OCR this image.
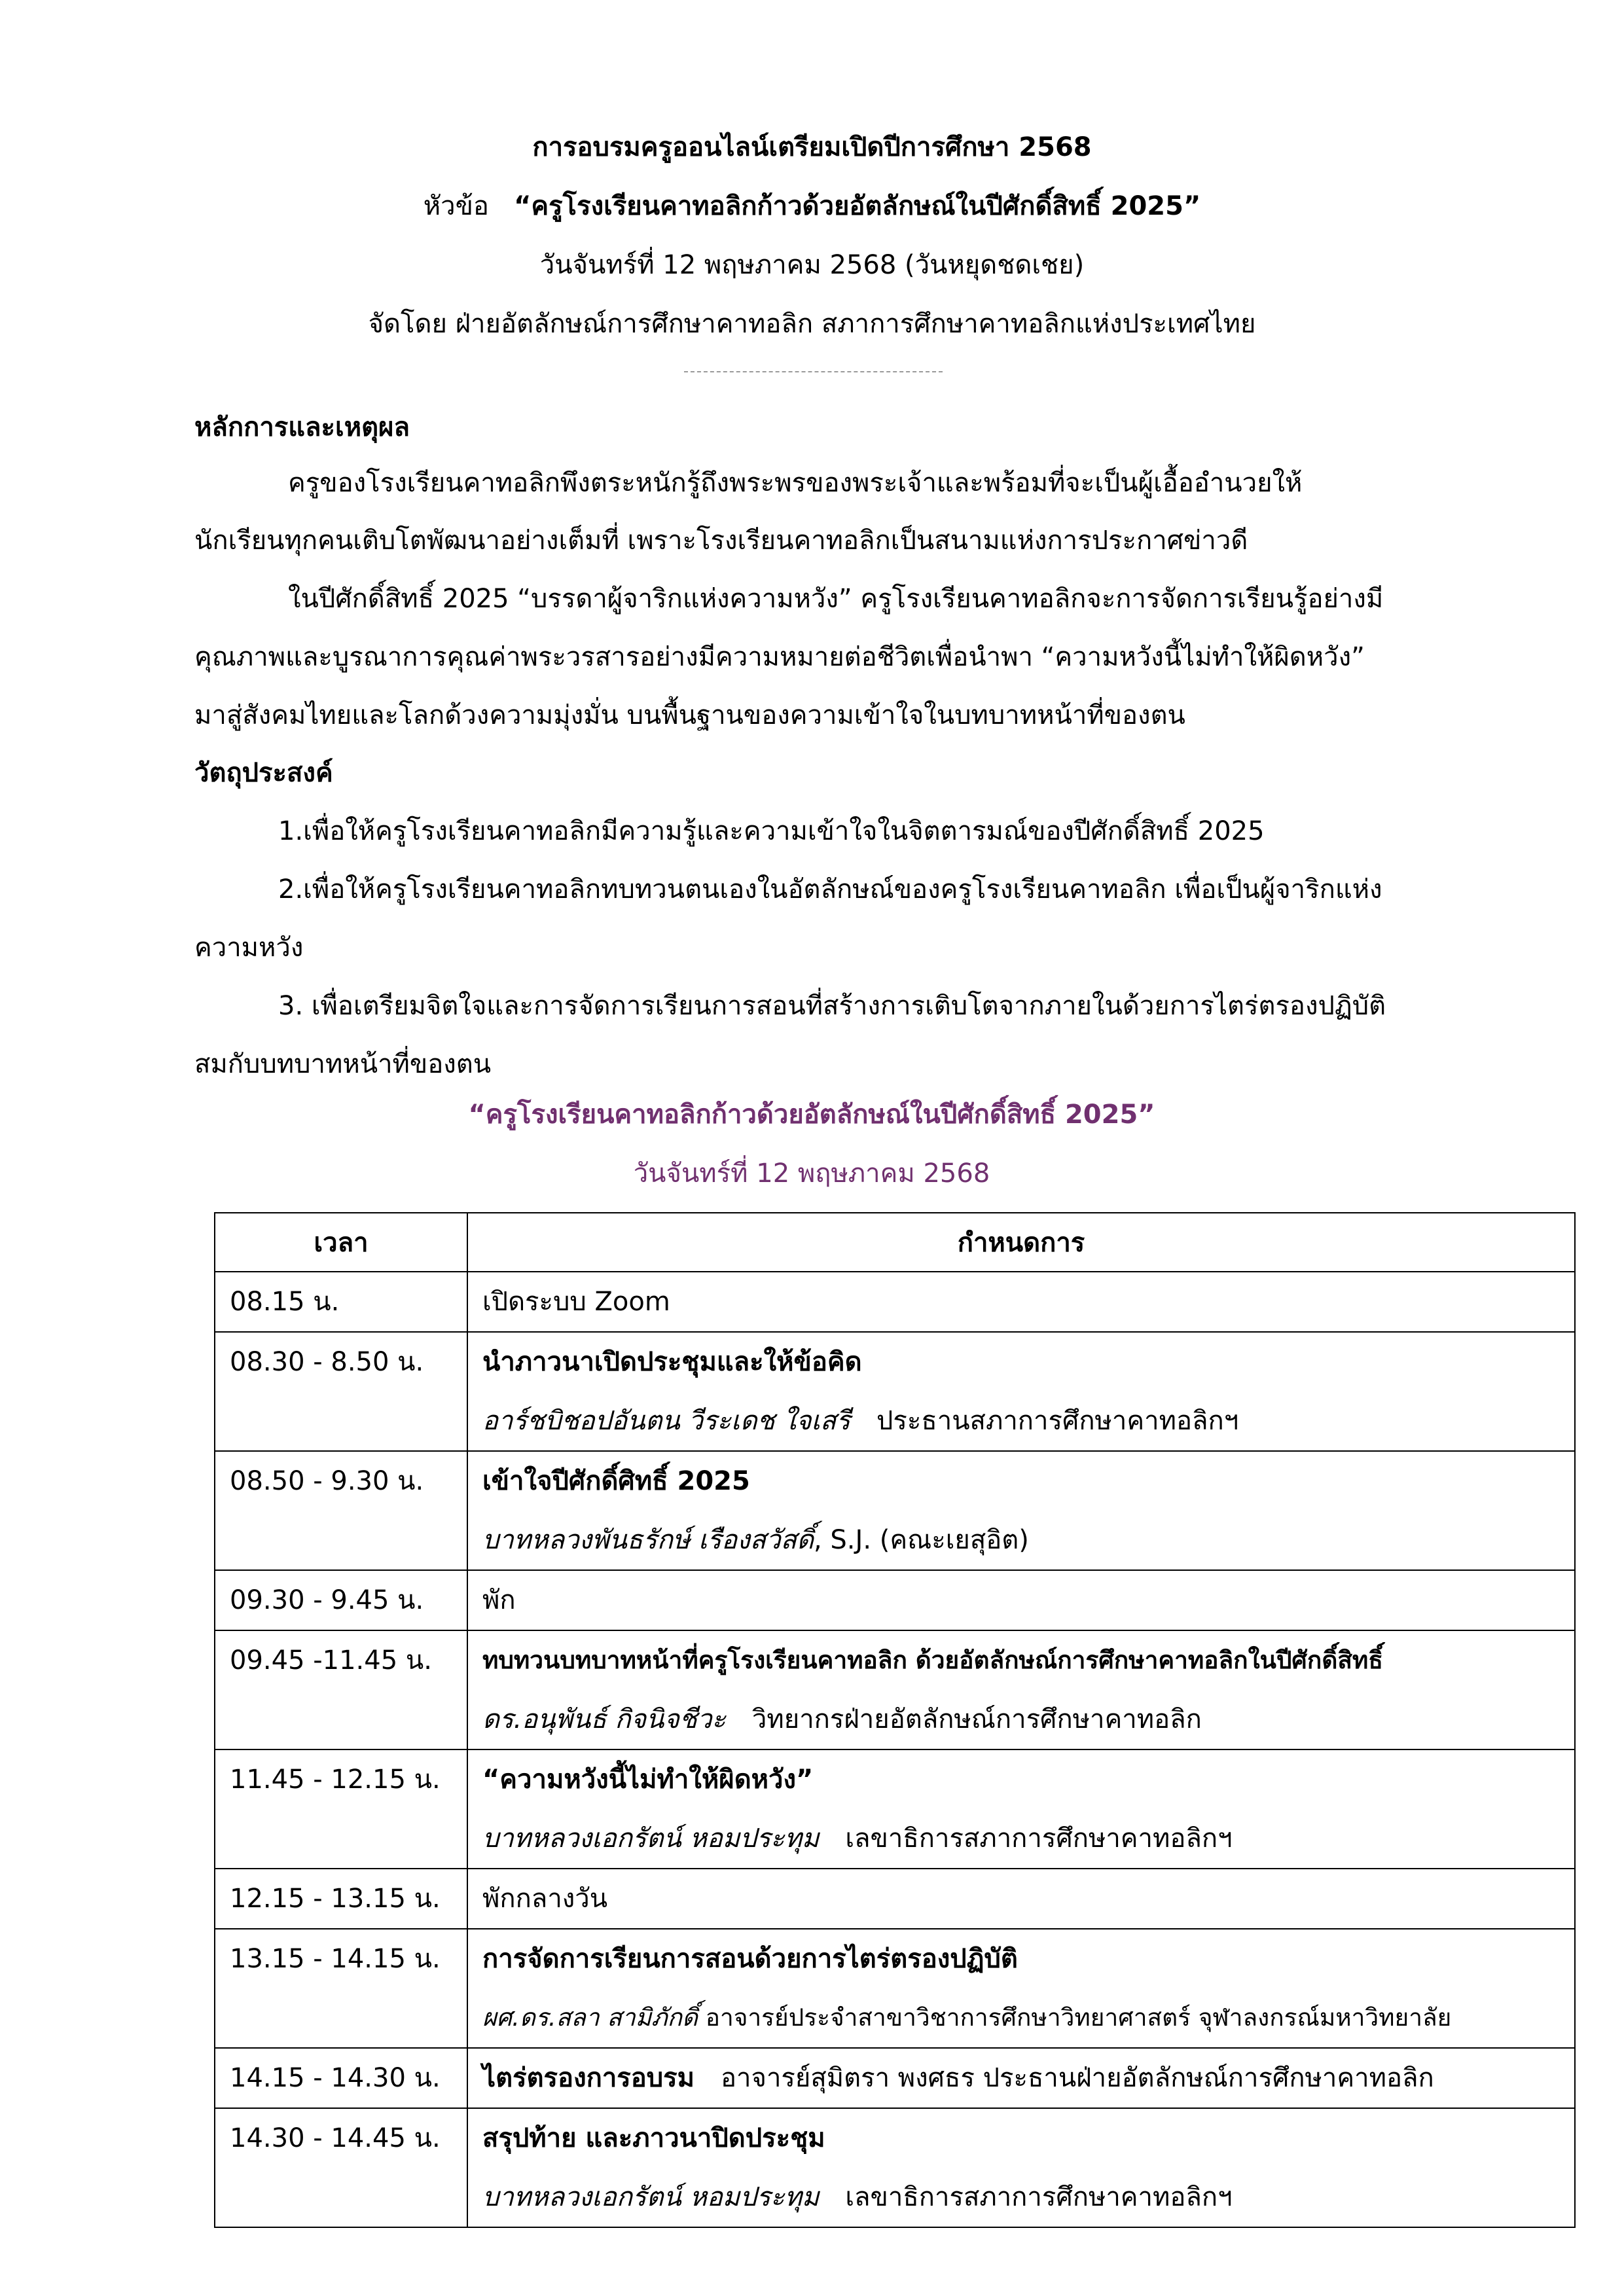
การอบรมครูออนไลน์เตรียมเปิดปีการศึกษา 2568
หัวข้อ “ครูโรงเรียนคาทอลิกก้าวด้วยอัตลักษณ์ในปีศักดิ์สิทธิ์ 2025”
วันจันทร์ที่ 12 พฤษภาคม 2568 (วันหยุดชดเชย)
จัดโดย ฝ่ายอัตลักษณ์การศึกษาคาทอลิก สภาการศึกษาคาทอลิกแห่งประเทศไทย
หลักการและเหตุผล
ครูของโรงเรียนคาทอลิกพึงตระหนักรู้ถึงพระพรของพระเจ้าและพร้อมที่จะเป็นผู้เอื้ออำนวยให้
นักเรียนทุกคนเติบโตพัฒนาอย่างเต็มที่ เพราะโรงเรียนคาทอลิกเป็นสนามแห่งการประกาศข่าวดี
ในปีศักดิ์สิทธิ์ 2025 “บรรดาผู้จาริกแห่งความหวัง” ครูโรงเรียนคาทอลิกจะการจัดการเรียนรู้อย่างมี
คุณภาพและบูรณาการคุณค่าพระวรสารอย่างมีความหมายต่อชีวิตเพื่อนำพา “ความหวังนี้ไม่ทำให้ผิดหวัง”
มาสู่สังคมไทยและโลกด้วงความมุ่งมั่น บนพื้นฐานของความเข้าใจในบทบาทหน้าที่ของตน
วัตถุประสงค์
1.เพื่อให้ครูโรงเรียนคาทอลิกมีความรู้และความเข้าใจในจิตตารมณ์ของปีศักดิ์สิทธิ์ 2025
2.เพื่อให้ครูโรงเรียนคาทอลิกทบทวนตนเองในอัตลักษณ์ของครูโรงเรียนคาทอลิก เพื่อเป็นผู้จาริกแห่ง
ความหวัง
3. เพื่อเตรียมจิตใจและการจัดการเรียนการสอนที่สร้างการเติบโตจากภายในด้วยการไตร่ตรองปฏิบัติ
สมกับบทบาทหน้าที่ของตน
“ครูโรงเรียนคาทอลิกก้าวด้วยอัตลักษณ์ในปีศักดิ์สิทธิ์ 2025”
วันจันทร์ที่ 12 พฤษภาคม 2568
เวลา	กำหนดการ

08.15 น.	เปิดระบบ Zoom

08.30 - 8.50 น.	นำภาวนาเปิดประชุมและให้ข้อคิด
อาร์ชบิชอปอันตน วีระเดช ใจเสรี ประธานสภาการศึกษาคาทอลิกฯ

08.50 - 9.30 น.	เข้าใจปีศักดิ์ศิทธิ์ 2025
บาทหลวงพันธรักษ์ เรืองสวัสดิ์, S.J. (คณะเยสุอิต)

09.30 - 9.45 น.	พัก

09.45 -11.45 น.	ทบทวนบทบาทหน้าที่ครูโรงเรียนคาทอลิก ด้วยอัตลักษณ์การศึกษาคาทอลิกในปีศักดิ์สิทธิ์
ดร.อนุพันธ์ กิจนิจชีวะ วิทยากรฝ่ายอัตลักษณ์การศึกษาคาทอลิก

11.45 - 12.15 น.	“ความหวังนี้ไม่ทำให้ผิดหวัง”
บาทหลวงเอกรัตน์ หอมประทุม เลขาธิการสภาการศึกษาคาทอลิกฯ

12.15 - 13.15 น.	พักกลางวัน

13.15 - 14.15 น.	การจัดการเรียนการสอนด้วยการไตร่ตรองปฏิบัติ
ผศ.ดร.สลา สามิภักดิ์ อาจารย์ประจำสาขาวิชาการศึกษาวิทยาศาสตร์ จุฬาลงกรณ์มหาวิทยาลัย

14.15 - 14.30 น.	ไตร่ตรองการอบรม อาจารย์สุมิตรา พงศธร ประธานฝ่ายอัตลักษณ์การศึกษาคาทอลิก

14.30 - 14.45 น.	สรุปท้าย และภาวนาปิดประชุม
บาทหลวงเอกรัตน์ หอมประทุม เลขาธิการสภาการศึกษาคาทอลิกฯ
